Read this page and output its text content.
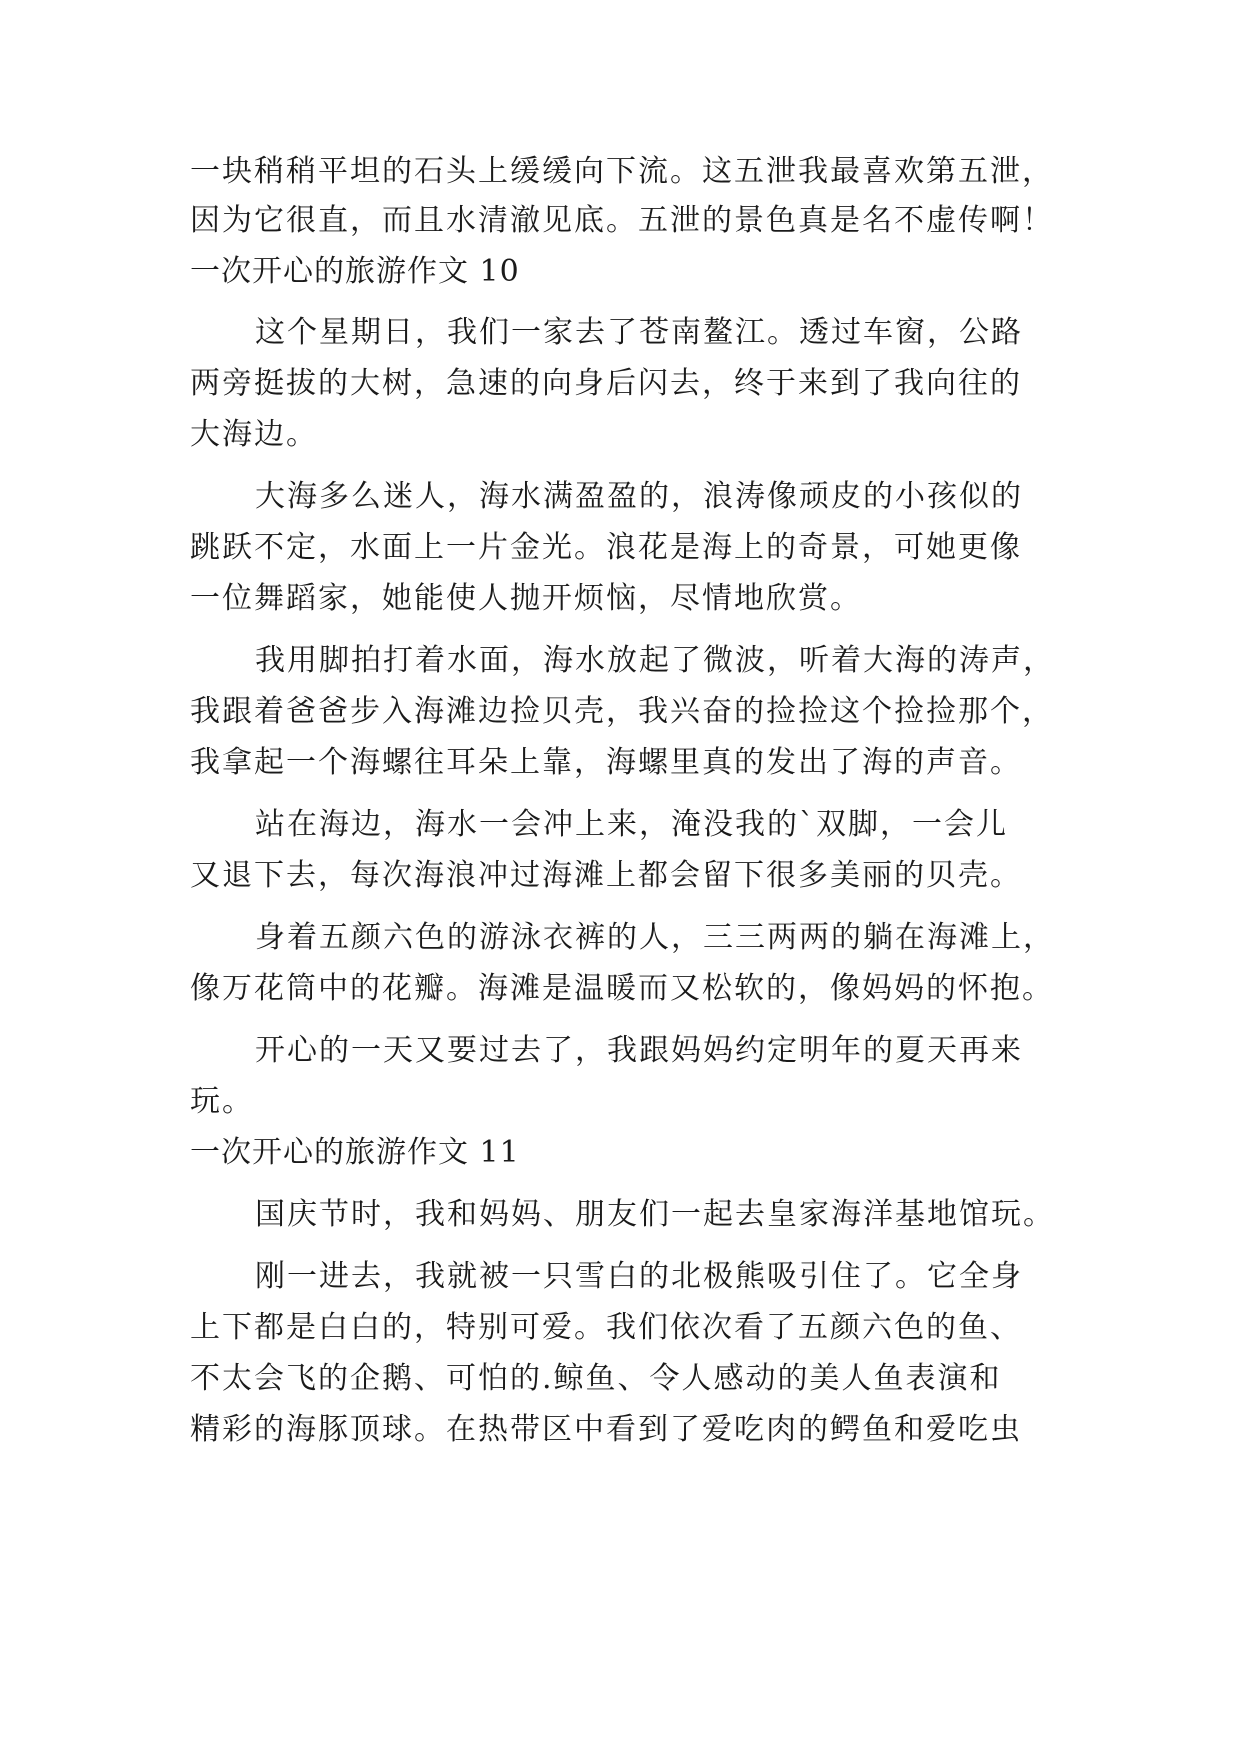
一块稍稍平坦的石头上缓缓向下流。这五泄我最喜欢第五泄，
因为它很直，而且水清澈见底。五泄的景色真是名不虚传啊！
一次开心的旅游作文 10
这个星期日，我们一家去了苍南鳌江。透过车窗，公路
两旁挺拔的大树，急速的向身后闪去，终于来到了我向往的
大海边。
大海多么迷人，海水满盈盈的，浪涛像顽皮的小孩似的
跳跃不定，水面上一片金光。浪花是海上的奇景，可她更像
一位舞蹈家，她能使人抛开烦恼，尽情地欣赏。
我用脚拍打着水面，海水放起了微波，听着大海的涛声，
我跟着爸爸步入海滩边捡贝壳，我兴奋的捡捡这个捡捡那个，
我拿起一个海螺往耳朵上靠，海螺里真的发出了海的声音。
站在海边，海水一会冲上来，淹没我的`双脚，一会儿
又退下去，每次海浪冲过海滩上都会留下很多美丽的贝壳。
身着五颜六色的游泳衣裤的人，三三两两的躺在海滩上，
像万花筒中的花瓣。海滩是温暖而又松软的，像妈妈的怀抱。
开心的一天又要过去了，我跟妈妈约定明年的夏天再来
玩。
一次开心的旅游作文 11
国庆节时，我和妈妈、朋友们一起去皇家海洋基地馆玩。
刚一进去，我就被一只雪白的北极熊吸引住了。它全身
上下都是白白的，特别可爱。我们依次看了五颜六色的鱼、
不太会飞的企鹅、可怕的.鲸鱼、令人感动的美人鱼表演和
精彩的海豚顶球。在热带区中看到了爱吃肉的鳄鱼和爱吃虫
